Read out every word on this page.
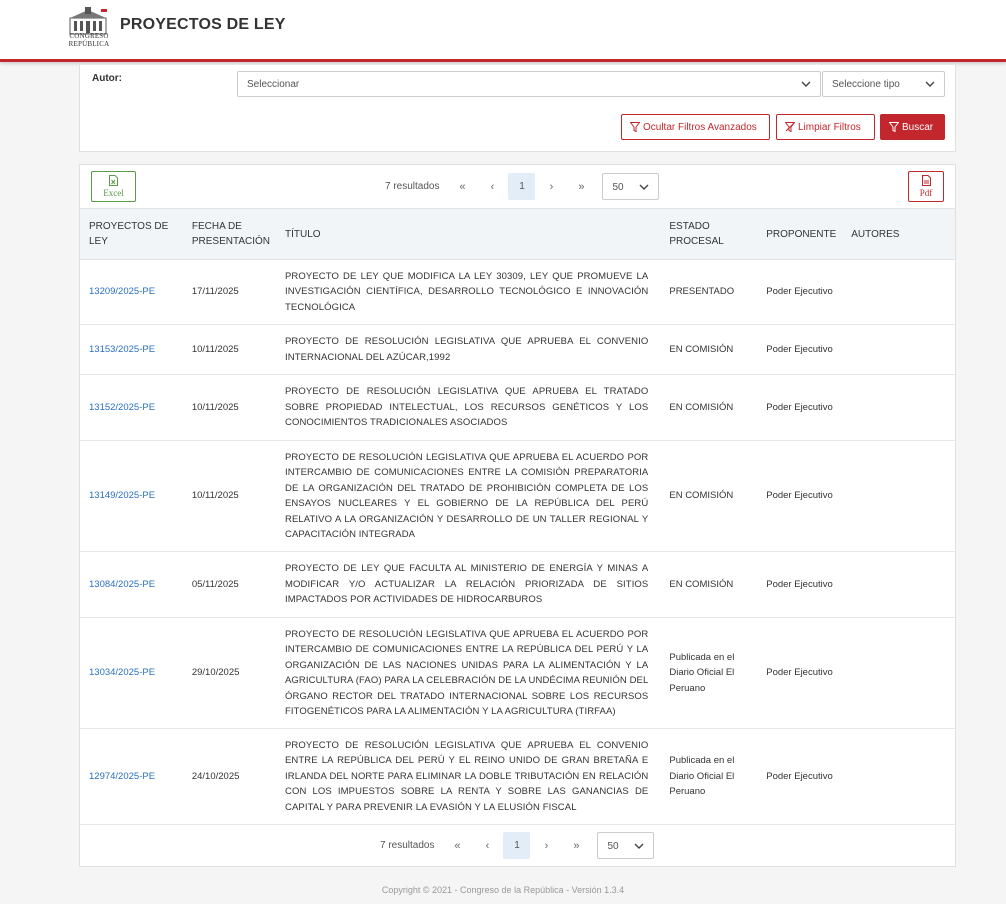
CONGRESO
REPÚBLICA
PROYECTOS DE LEY
Autor:
Seleccionar	Seleccione tipo
Ocultar Filtros Avanzados	Limpiar Filtros	Buscar
Excel
7 resultados	«	‹	1	›	»	50	Pdf
PROYECTOS DE LEY	FECHA DE PRESENTACIÓN	TÍTULO	ESTADO PROCESAL	PROPONENTE	AUTORES
13209/2025-PE	17/11/2025	PROYECTO DE LEY QUE MODIFICA LA LEY 30309, LEY QUE PROMUEVE LA INVESTIGACIÓN CIENTÍFICA, DESARROLLO TECNOLÓGICO E INNOVACIÓN TECNOLÓGICA	PRESENTADO	Poder Ejecutivo	
13153/2025-PE	10/11/2025	PROYECTO DE RESOLUCIÓN LEGISLATIVA QUE APRUEBA EL CONVENIO INTERNACIONAL DEL AZÚCAR,1992	EN COMISIÓN	Poder Ejecutivo	
13152/2025-PE	10/11/2025	PROYECTO DE RESOLUCIÓN LEGISLATIVA QUE APRUEBA EL TRATADO SOBRE PROPIEDAD INTELECTUAL, LOS RECURSOS GENÉTICOS Y LOS CONOCIMIENTOS TRADICIONALES ASOCIADOS	EN COMISIÓN	Poder Ejecutivo	
13149/2025-PE	10/11/2025	PROYECTO DE RESOLUCIÓN LEGISLATIVA QUE APRUEBA EL ACUERDO POR INTERCAMBIO DE COMUNICACIONES ENTRE LA COMISIÓN PREPARATORIA DE LA ORGANIZACIÓN DEL TRATADO DE PROHIBICIÓN COMPLETA DE LOS ENSAYOS NUCLEARES Y EL GOBIERNO DE LA REPÚBLICA DEL PERÚ RELATIVO A LA ORGANIZACIÓN Y DESARROLLO DE UN TALLER REGIONAL Y CAPACITACIÓN INTEGRADA	EN COMISIÓN	Poder Ejecutivo	
13084/2025-PE	05/11/2025	PROYECTO DE LEY QUE FACULTA AL MINISTERIO DE ENERGÍA Y MINAS A MODIFICAR Y/O ACTUALIZAR LA RELACIÓN PRIORIZADA DE SITIOS IMPACTADOS POR ACTIVIDADES DE HIDROCARBUROS	EN COMISIÓN	Poder Ejecutivo	
13034/2025-PE	29/10/2025	PROYECTO DE RESOLUCIÓN LEGISLATIVA QUE APRUEBA EL ACUERDO POR INTERCAMBIO DE COMUNICACIONES ENTRE LA REPÚBLICA DEL PERÚ Y LA ORGANIZACIÓN DE LAS NACIONES UNIDAS PARA LA ALIMENTACIÓN Y LA AGRICULTURA (FAO) PARA LA CELEBRACIÓN DE LA UNDÉCIMA REUNIÓN DEL ÓRGANO RECTOR DEL TRATADO INTERNACIONAL SOBRE LOS RECURSOS FITOGENÉTICOS PARA LA ALIMENTACIÓN Y LA AGRICULTURA (TIRFAA)	Publicada en el Diario Oficial El Peruano	Poder Ejecutivo	
12974/2025-PE	24/10/2025	PROYECTO DE RESOLUCIÓN LEGISLATIVA QUE APRUEBA EL CONVENIO ENTRE LA REPÚBLICA DEL PERÚ Y EL REINO UNIDO DE GRAN BRETAÑA E IRLANDA DEL NORTE PARA ELIMINAR LA DOBLE TRIBUTACIÓN EN RELACIÓN CON LOS IMPUESTOS SOBRE LA RENTA Y SOBRE LAS GANANCIAS DE CAPITAL Y PARA PREVENIR LA EVASIÓN Y LA ELUSIÓN FISCAL	Publicada en el Diario Oficial El Peruano	Poder Ejecutivo	
7 resultados	«	‹	1	›	»	50
Copyright © 2021 - Congreso de la República - Versión 1.3.4
